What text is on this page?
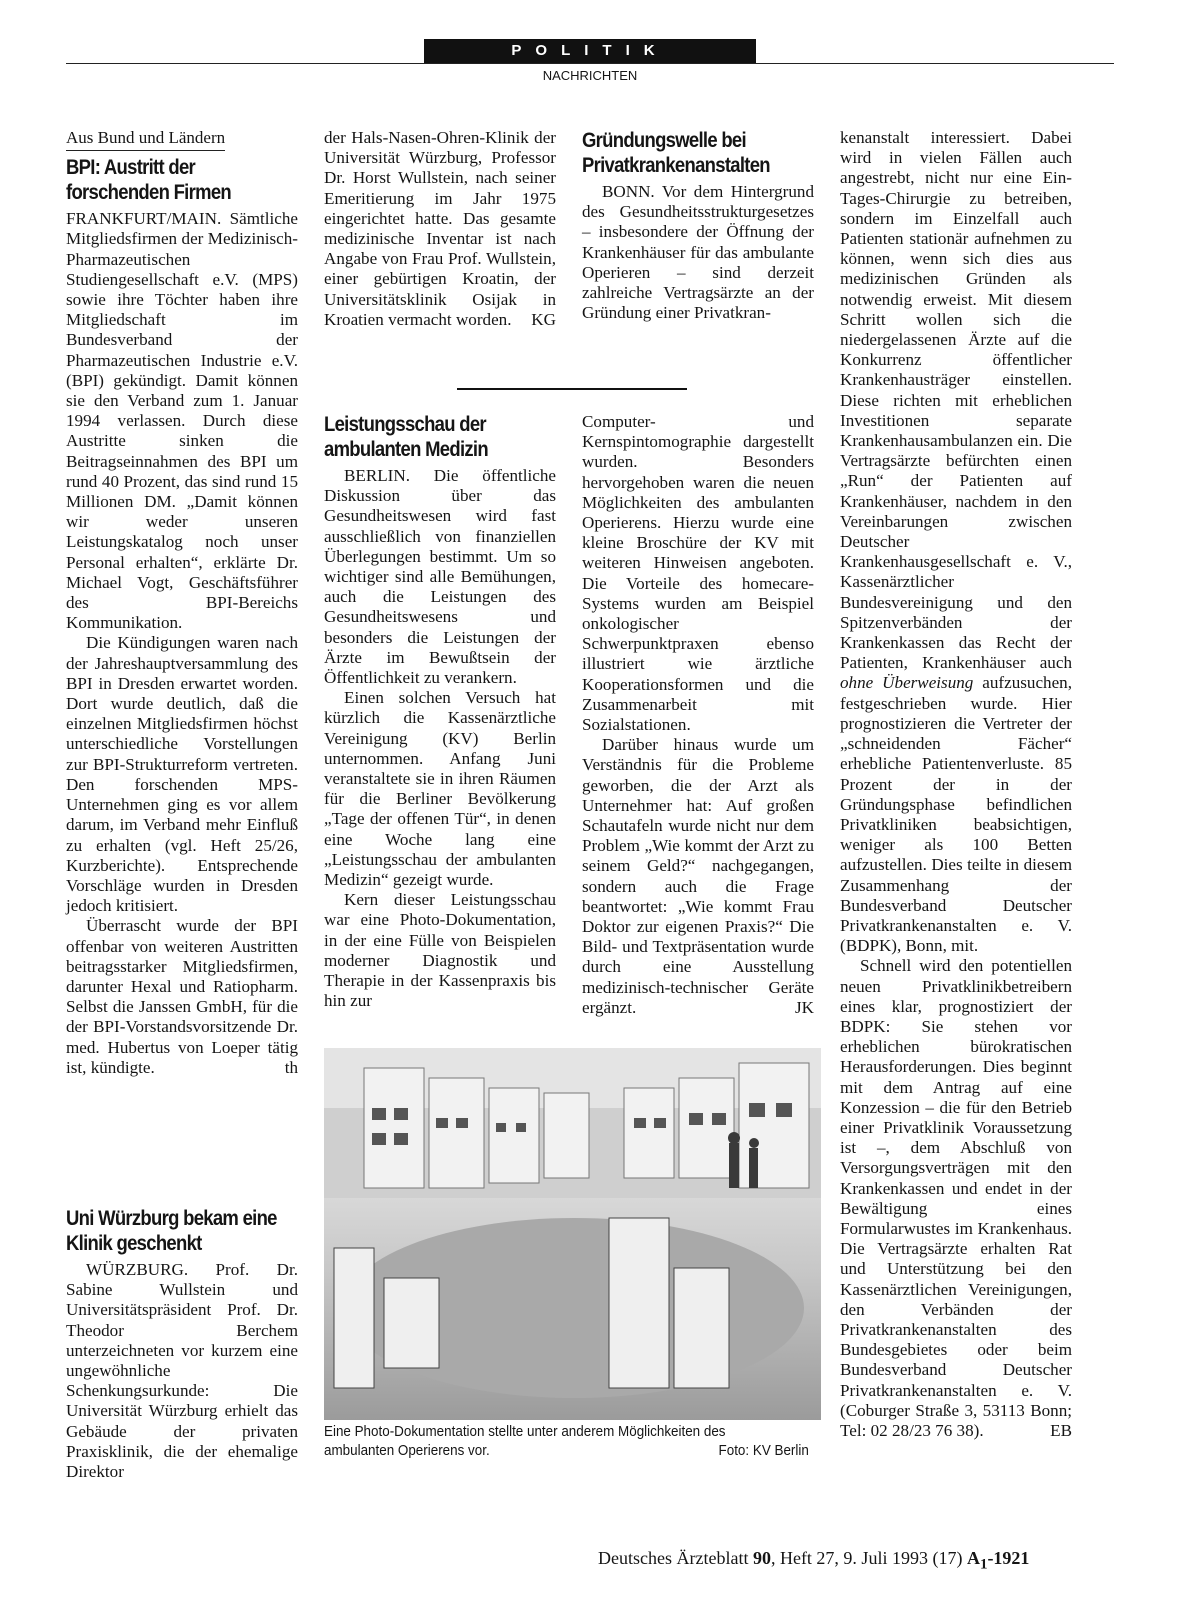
POLITIK
NACHRICHTEN
Aus Bund und Ländern
BPI: Austritt der forschenden Firmen

FRANKFURT/MAIN. Sämtliche Mitgliedsfirmen der Medizinisch-Pharmazeutischen Studiengesellschaft e.V. (MPS) sowie ihre Töchter haben ihre Mitgliedschaft im Bundesverband der Pharmazeutischen Industrie e.V. (BPI) gekündigt. Damit können sie den Verband zum 1. Januar 1994 verlassen. Durch diese Austritte sinken die Beitragseinnahmen des BPI um rund 40 Prozent, das sind rund 15 Millionen DM. „Damit können wir weder unseren Leistungskatalog noch unser Personal erhalten“, erklärte Dr. Michael Vogt, Geschäftsführer des BPI-Bereichs Kommunikation.

Die Kündigungen waren nach der Jahreshauptversammlung des BPI in Dresden erwartet worden. Dort wurde deutlich, daß die einzelnen Mitgliedsfirmen höchst unterschiedliche Vorstellungen zur BPI-Strukturreform vertreten. Den forschenden MPS-Unternehmen ging es vor allem darum, im Verband mehr Einfluß zu erhalten (vgl. Heft 25/26, Kurzberichte). Entsprechende Vorschläge wurden in Dresden jedoch kritisiert.

Überrascht wurde der BPI offenbar von weiteren Austritten beitragsstarker Mitgliedsfirmen, darunter Hexal und Ratiopharm. Selbst die Janssen GmbH, für die der BPI-Vorstandsvorsitzende Dr. med. Hubertus von Loeper tätig ist, kündigte.	th

Uni Würzburg bekam eine Klinik geschenkt

WÜRZBURG. Prof. Dr. Sabine Wullstein und Universitätspräsident Prof. Dr. Theodor Berchem unterzeichneten vor kurzem eine ungewöhnliche Schenkungsurkunde: Die Universität Würzburg erhielt das Gebäude der privaten Praxisklinik, die der ehemalige Direktor

der Hals-Nasen-Ohren-Klinik der Universität Würzburg, Professor Dr. Horst Wullstein, nach seiner Emeritierung im Jahr 1975 eingerichtet hatte. Das gesamte medizinische Inventar ist nach Angabe von Frau Prof. Wullstein, einer gebürtigen Kroatin, der Universitätsklinik Osijak in Kroatien vermacht worden. KG

Gründungswelle bei Privatkrankenanstalten

BONN. Vor dem Hintergrund des Gesundheitsstrukturgesetzes – insbesondere der Öffnung der Krankenhäuser für das ambulante Operieren – sind derzeit zahlreiche Vertragsärzte an der Gründung einer Privatkran-

Leistungsschau der ambulanten Medizin

BERLIN. Die öffentliche Diskussion über das Gesundheitswesen wird fast ausschließlich von finanziellen Überlegungen bestimmt. Um so wichtiger sind alle Bemühungen, auch die Leistungen des Gesundheitswesens und besonders die Leistungen der Ärzte im Bewußtsein der Öffentlichkeit zu verankern.

Einen solchen Versuch hat kürzlich die Kassenärztliche Vereinigung (KV) Berlin unternommen. Anfang Juni veranstaltete sie in ihren Räumen für die Berliner Bevölkerung „Tage der offenen Tür“, in denen eine Woche lang eine „Leistungsschau der ambulanten Medizin“ gezeigt wurde.

Kern dieser Leistungsschau war eine Photo-Dokumentation, in der eine Fülle von Beispielen moderner Diagnostik und Therapie in der Kassenpraxis bis hin zur

Computer- und Kernspintomographie dargestellt wurden. Besonders hervorgehoben waren die neuen Möglichkeiten des ambulanten Operierens. Hierzu wurde eine kleine Broschüre der KV mit weiteren Hinweisen angeboten. Die Vorteile des homecare-Systems wurden am Beispiel onkologischer Schwerpunktpraxen ebenso illustriert wie ärztliche Kooperationsformen und die Zusammenarbeit mit Sozialstationen.

Darüber hinaus wurde um Verständnis für die Probleme geworben, die der Arzt als Unternehmer hat: Auf großen Schautafeln wurde nicht nur dem Problem „Wie kommt der Arzt zu seinem Geld?“ nachgegangen, sondern auch die Frage beantwortet: „Wie kommt Frau Doktor zur eigenen Praxis?“ Die Bild- und Textpräsentation wurde durch eine Ausstellung medizinisch-technischer Geräte ergänzt.	JK

kenanstalt interessiert. Dabei wird in vielen Fällen auch angestrebt, nicht nur eine Ein-Tages-Chirurgie zu betreiben, sondern im Einzelfall auch Patienten stationär aufnehmen zu können, wenn sich dies aus medizinischen Gründen als notwendig erweist. Mit diesem Schritt wollen sich die niedergelassenen Ärzte auf die Konkurrenz öffentlicher Krankenhausträger einstellen. Diese richten mit erheblichen Investitionen separate Krankenhausambulanzen ein. Die Vertragsärzte befürchten einen „Run“ der Patienten auf Krankenhäuser, nachdem in den Vereinbarungen zwischen Deutscher Krankenhausgesellschaft e. V., Kassenärztlicher Bundesvereinigung und den Spitzenverbänden der Krankenkassen das Recht der Patienten, Krankenhäuser auch ohne Überweisung aufzusuchen, festgeschrieben wurde. Hier prognostizieren die Vertreter der „schneidenden Fächer“ erhebliche Patientenverluste. 85 Prozent der in der Gründungsphase befindlichen Privatkliniken beabsichtigen, weniger als 100 Betten aufzustellen. Dies teilte in diesem Zusammenhang der Bundesverband Deutscher Privatkrankenanstalten e. V. (BDPK), Bonn, mit.

Schnell wird den potentiellen neuen Privatklinikbetreibern eines klar, prognostiziert der BDPK: Sie stehen vor erheblichen bürokratischen Herausforderungen. Dies beginnt mit dem Antrag auf eine Konzession – die für den Betrieb einer Privatklinik Voraussetzung ist –, dem Abschluß von Versorgungsverträgen mit den Krankenkassen und endet in der Bewältigung eines Formularwustes im Krankenhaus. Die Vertragsärzte erhalten Rat und Unterstützung bei den Kassenärztlichen Vereinigungen, den Verbänden der Privatkrankenanstalten des Bundesgebietes oder beim Bundesverband Deutscher Privatkrankenanstalten e. V. (Coburger Straße 3, 53113 Bonn; Tel: 02 28/23 76 38).	EB

Eine Photo-Dokumentation stellte unter anderem Möglichkeiten des ambulanten Operierens vor.	Foto: KV Berlin
Deutsches Ärzteblatt 90, Heft 27, 9. Juli 1993 (17) $A_1-1921$
